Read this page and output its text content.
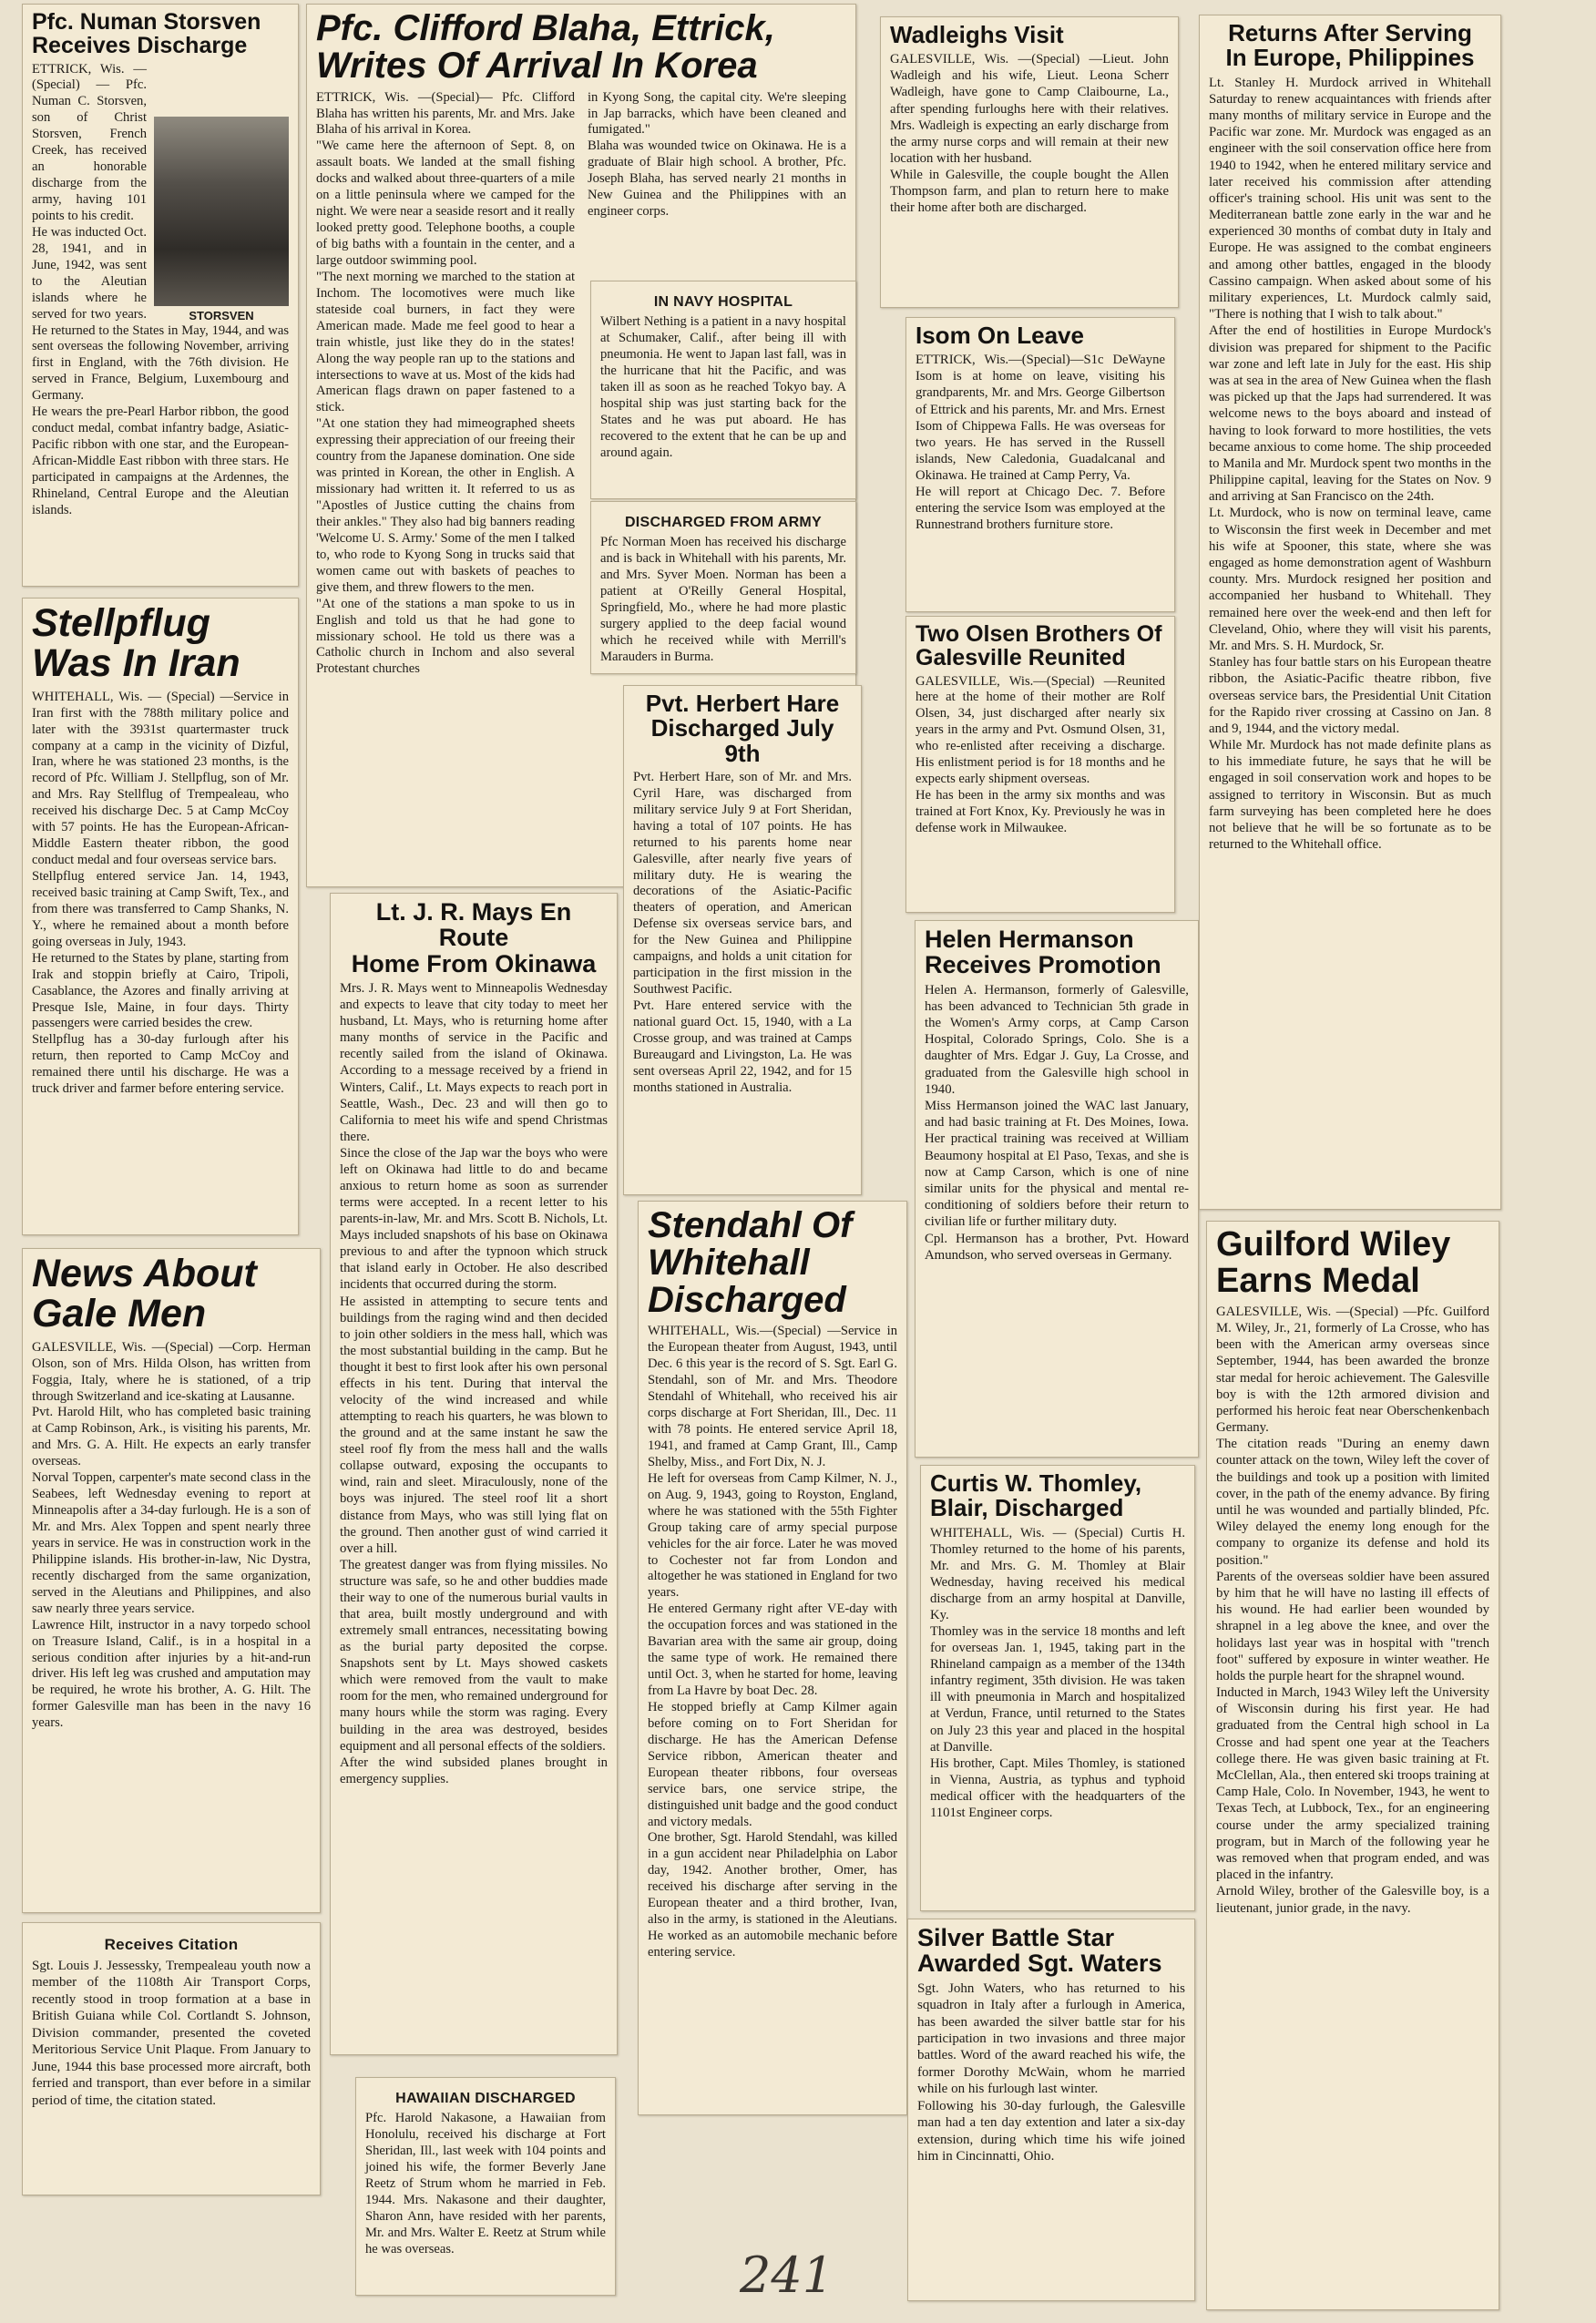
Pfc. Numan Storsven
Receives Discharge
STORSVEN

ETTRICK, Wis. — (Special) — Pfc. Numan C. Storsven, son of Christ Storsven, French Creek, has received an honorable discharge from the army, having 101 points to his credit.
He was inducted Oct. 28, 1941, and in June, 1942, was sent to the Aleutian islands where he served for two years. He returned to the States in May, 1944, and was sent overseas the following November, arriving first in England, with the 76th division. He served in France, Belgium, Luxembourg and Germany.
He wears the pre-Pearl Harbor ribbon, the good conduct medal, combat infantry badge, Asiatic-Pacific ribbon with one star, and the European-African-Middle East ribbon with three stars. He participated in campaigns at the Ardennes, the Rhineland, Central Europe and the Aleutian islands.

Stellpflug
Was In Iran

WHITEHALL, Wis. — (Special) —Service in Iran first with the 788th military police and later with the 3931st quartermaster truck company at a camp in the vicinity of Dizful, Iran, where he was stationed 23 months, is the record of Pfc. William J. Stellpflug, son of Mr. and Mrs. Ray Stellflug of Trempealeau, who received his discharge Dec. 5 at Camp McCoy with 57 points. He has the European-African-Middle Eastern theater ribbon, the good conduct medal and four overseas service bars.
Stellpflug entered service Jan. 14, 1943, received basic training at Camp Swift, Tex., and from there was transferred to Camp Shanks, N. Y., where he remained about a month before going overseas in July, 1943.
He returned to the States by plane, starting from Irak and stoppin briefly at Cairo, Tripoli, Casablance, the Azores and finally arriving at Presque Isle, Maine, in four days. Thirty passengers were carried besides the crew.
Stellpflug has a 30-day furlough after his return, then reported to Camp McCoy and remained there until his discharge. He was a truck driver and farmer before entering service.

News About
Gale Men

GALESVILLE, Wis. —(Special) —Corp. Herman Olson, son of Mrs. Hilda Olson, has written from Foggia, Italy, where he is stationed, of a trip through Switzerland and ice-skating at Lausanne.
Pvt. Harold Hilt, who has completed basic training at Camp Robinson, Ark., is visiting his parents, Mr. and Mrs. G. A. Hilt. He expects an early transfer overseas.
Norval Toppen, carpenter's mate second class in the Seabees, left Wednesday evening to report at Minneapolis after a 34-day furlough. He is a son of Mr. and Mrs. Alex Toppen and spent nearly three years in service. He was in construction work in the Philippine islands. His brother-in-law, Nic Dystra, recently discharged from the same organization, served in the Aleutians and Philippines, and also saw nearly three years service.
Lawrence Hilt, instructor in a navy torpedo school on Treasure Island, Calif., is in a hospital in a serious condition after injuries by a hit-and-run driver. His left leg was crushed and amputation may be required, he wrote his brother, A. G. Hilt. The former Galesville man has been in the navy 16 years.

Receives Citation

Sgt. Louis J. Jessessky, Trempealeau youth now a member of the 1108th Air Transport Corps, recently stood in troop formation at a base in British Guiana while Col. Cortlandt S. Johnson, Division commander, presented the coveted Meritorious Service Unit Plaque. From January to June, 1944 this base processed more aircraft, both ferried and transport, than ever before in a similar period of time, the citation stated.

Pfc. Clifford Blaha, Ettrick,
Writes Of Arrival In Korea

ETTRICK, Wis. —(Special)— Pfc. Clifford Blaha has written his parents, Mr. and Mrs. Jake Blaha of his arrival in Korea.
"We came here the afternoon of Sept. 8, on assault boats. We landed at the small fishing docks and walked about three-quarters of a mile on a little peninsula where we camped for the night. We were near a seaside resort and it really looked pretty good. Telephone booths, a couple of big baths with a fountain in the center, and a large outdoor swimming pool.
"The next morning we marched to the station at Inchom. The locomotives were much like stateside coal burners, in fact they were American made. Made me feel good to hear a train whistle, just like they do in the states! Along the way people ran up to the stations and intersections to wave at us. Most of the kids had American flags drawn on paper fastened to a stick.
"At one station they had mimeographed sheets expressing their appreciation of our freeing their country from the Japanese domination. One side was printed in Korean, the other in English. A missionary had written it. It referred to us as "Apostles of Justice cutting the chains from their ankles." They also had big banners reading 'Welcome U. S. Army.' Some of the men I talked to, who rode to Kyong Song in trucks said that women came out with baskets of peaches to give them, and threw flowers to the men.
"At one of the stations a man spoke to us in English and told us that he had gone to missionary school. He told us there was a Catholic church in Inchom and also several Protestant churches

in Kyong Song, the capital city. We're sleeping in Jap barracks, which have been cleaned and fumigated."
Blaha was wounded twice on Okinawa. He is a graduate of Blair high school. A brother, Pfc. Joseph Blaha, has served nearly 21 months in New Guinea and the Philippines with an engineer corps.

IN NAVY HOSPITAL

Wilbert Nething is a patient in a navy hospital at Schumaker, Calif., after being ill with pneumonia. He went to Japan last fall, was in the hurricane that hit the Pacific, and was taken ill as soon as he reached Tokyo bay. A hospital ship was just starting back for the States and he was put aboard. He has recovered to the extent that he can be up and around again.

DISCHARGED FROM ARMY

Pfc Norman Moen has received his discharge and is back in Whitehall with his parents, Mr. and Mrs. Syver Moen. Norman has been a patient at O'Reilly General Hospital, Springfield, Mo., where he had more plastic surgery applied to the deep facial wound which he received while with Merrill's Marauders in Burma.

Lt. J. R. Mays En Route
Home From Okinawa

Mrs. J. R. Mays went to Minneapolis Wednesday and expects to leave that city today to meet her husband, Lt. Mays, who is returning home after many months of service in the Pacific and recently sailed from the island of Okinawa. According to a message received by a friend in Winters, Calif., Lt. Mays expects to reach port in Seattle, Wash., Dec. 23 and will then go to California to meet his wife and spend Christmas there.
Since the close of the Jap war the boys who were left on Okinawa had little to do and became anxious to return home as soon as surrender terms were accepted. In a recent letter to his parents-in-law, Mr. and Mrs. Scott B. Nichols, Lt. Mays included snapshots of his base on Okinawa previous to and after the typnoon which struck that island early in October. He also described incidents that occurred during the storm.
He assisted in attempting to secure tents and buildings from the raging wind and then decided to join other soldiers in the mess hall, which was the most substantial building in the camp. But he thought it best to first look after his own personal effects in his tent. During that interval the velocity of the wind increased and while attempting to reach his quarters, he was blown to the ground and at the same instant he saw the steel roof fly from the mess hall and the walls collapse outward, exposing the occupants to wind, rain and sleet. Miraculously, none of the boys was injured. The steel roof lit a short distance from Mays, who was still lying flat on the ground. Then another gust of wind carried it over a hill.
The greatest danger was from flying missiles. No structure was safe, so he and other buddies made their way to one of the numerous burial vaults in that area, built mostly underground and with extremely small entrances, necessitating bowing as the burial party deposited the corpse. Snapshots sent by Lt. Mays showed caskets which were removed from the vault to make room for the men, who remained underground for many hours while the storm was raging. Every building in the area was destroyed, besides equipment and all personal effects of the soldiers.
After the wind subsided planes brought in emergency supplies.

HAWAIIAN DISCHARGED

Pfc. Harold Nakasone, a Hawaiian from Honolulu, received his discharge at Fort Sheridan, Ill., last week with 104 points and joined his wife, the former Beverly Jane Reetz of Strum whom he married in Feb. 1944. Mrs. Nakasone and their daughter, Sharon Ann, have resided with her parents, Mr. and Mrs. Walter E. Reetz at Strum while he was overseas.

Pvt. Herbert Hare
Discharged July 9th

Pvt. Herbert Hare, son of Mr. and Mrs. Cyril Hare, was discharged from military service July 9 at Fort Sheridan, having a total of 107 points. He has returned to his parents home near Galesville, after nearly five years of military duty. He is wearing the decorations of the Asiatic-Pacific theaters of operation, and American Defense six overseas service bars, and for the New Guinea and Philippine campaigns, and holds a unit citation for participation in the first mission in the Southwest Pacific.
Pvt. Hare entered service with the national guard Oct. 15, 1940, with a La Crosse group, and was trained at Camps Bureaugard and Livingston, La. He was sent overseas April 22, 1942, and for 15 months stationed in Australia.

Stendahl Of
Whitehall
Discharged

WHITEHALL, Wis.—(Special) —Service in the European theater from August, 1943, until Dec. 6 this year is the record of S. Sgt. Earl G. Stendahl, son of Mr. and Mrs. Theodore Stendahl of Whitehall, who received his air corps discharge at Fort Sheridan, Ill., Dec. 11 with 78 points. He entered service April 18, 1941, and framed at Camp Grant, Ill., Camp Shelby, Miss., and Fort Dix, N. J.
He left for overseas from Camp Kilmer, N. J., on Aug. 9, 1943, going to Royston, England, where he was stationed with the 55th Fighter Group taking care of army special purpose vehicles for the air force. Later he was moved to Cochester not far from London and altogether he was stationed in England for two years.
He entered Germany right after VE-day with the occupation forces and was stationed in the Bavarian area with the same air group, doing the same type of work. He remained there until Oct. 3, when he started for home, leaving from La Havre by boat Dec. 28.
He stopped briefly at Camp Kilmer again before coming on to Fort Sheridan for discharge. He has the American Defense Service ribbon, American theater and European theater ribbons, four overseas service bars, one service stripe, the distinguished unit badge and the good conduct and victory medals.
One brother, Sgt. Harold Stendahl, was killed in a gun accident near Philadelphia on Labor day, 1942. Another brother, Omer, has received his discharge after serving in the European theater and a third brother, Ivan, also in the army, is stationed in the Aleutians. He worked as an automobile mechanic before entering service.

Wadleighs Visit

GALESVILLE, Wis. —(Special) —Lieut. John Wadleigh and his wife, Lieut. Leona Scherr Wadleigh, have gone to Camp Claibourne, La., after spending furloughs here with their relatives. Mrs. Wadleigh is expecting an early discharge from the army nurse corps and will remain at their new location with her husband.
While in Galesville, the couple bought the Allen Thompson farm, and plan to return here to make their home after both are discharged.

Isom On Leave

ETTRICK, Wis.—(Special)—S1c DeWayne Isom is at home on leave, visiting his grandparents, Mr. and Mrs. George Gilbertson of Ettrick and his parents, Mr. and Mrs. Ernest Isom of Chippewa Falls. He was overseas for two years. He has served in the Russell islands, New Caledonia, Guadalcanal and Okinawa. He trained at Camp Perry, Va.
He will report at Chicago Dec. 7. Before entering the service Isom was employed at the Runnestrand brothers furniture store.

Two Olsen Brothers Of
Galesville Reunited

GALESVILLE, Wis.—(Special) —Reunited here at the home of their mother are Rolf Olsen, 34, just discharged after nearly six years in the army and Pvt. Osmund Olsen, 31, who re-enlisted after receiving a discharge. His enlistment period is for 18 months and he expects early shipment overseas.
He has been in the army six months and was trained at Fort Knox, Ky. Previously he was in defense work in Milwaukee.

Helen Hermanson
Receives Promotion

Helen A. Hermanson, formerly of Galesville, has been advanced to Technician 5th grade in the Women's Army corps, at Camp Carson Hospital, Colorado Springs, Colo. She is a daughter of Mrs. Edgar J. Guy, La Crosse, and graduated from the Galesville high school in 1940.
Miss Hermanson joined the WAC last January, and had basic training at Ft. Des Moines, Iowa. Her practical training was received at William Beaumony hospital at El Paso, Texas, and she is now at Camp Carson, which is one of nine similar units for the physical and mental re-conditioning of soldiers before their return to civilian life or further military duty.
Cpl. Hermanson has a brother, Pvt. Howard Amundson, who served overseas in Germany.

Curtis W. Thomley,
Blair, Discharged

WHITEHALL, Wis. — (Special) Curtis H. Thomley returned to the home of his parents, Mr. and Mrs. G. M. Thomley at Blair Wednesday, having received his medical discharge from an army hospital at Danville, Ky.
Thomley was in the service 18 months and left for overseas Jan. 1, 1945, taking part in the Rhineland campaign as a member of the 134th infantry regiment, 35th division. He was taken ill with pneumonia in March and hospitalized at Verdun, France, until returned to the States on July 23 this year and placed in the hospital at Danville.
His brother, Capt. Miles Thomley, is stationed in Vienna, Austria, as typhus and typhoid medical officer with the headquarters of the 1101st Engineer corps.

Silver Battle Star
Awarded Sgt. Waters

Sgt. John Waters, who has returned to his squadron in Italy after a furlough in America, has been awarded the silver battle star for his participation in two invasions and three major battles. Word of the award reached his wife, the former Dorothy McWain, whom he married while on his furlough last winter.
Following his 30-day furlough, the Galesville man had a ten day extention and later a six-day extension, during which time his wife joined him in Cincinnatti, Ohio.

Returns After Serving
In Europe, Philippines

Lt. Stanley H. Murdock arrived in Whitehall Saturday to renew acquaintances with friends after many months of military service in Europe and the Pacific war zone. Mr. Murdock was engaged as an engineer with the soil conservation office here from 1940 to 1942, when he entered military service and later received his commission after attending officer's training school. His unit was sent to the Mediterranean battle zone early in the war and he experienced 30 months of combat duty in Italy and Europe. He was assigned to the combat engineers and among other battles, engaged in the bloody Cassino campaign. When asked about some of his military experiences, Lt. Murdock calmly said, "There is nothing that I wish to talk about."
After the end of hostilities in Europe Murdock's division was prepared for shipment to the Pacific war zone and left late in July for the east. His ship was at sea in the area of New Guinea when the flash was picked up that the Japs had surrendered. It was welcome news to the boys aboard and instead of having to look forward to more hostilities, the vets became anxious to come home. The ship proceeded to Manila and Mr. Murdock spent two months in the Philippine capital, leaving for the States on Nov. 9 and arriving at San Francisco on the 24th.
Lt. Murdock, who is now on terminal leave, came to Wisconsin the first week in December and met his wife at Spooner, this state, where she was engaged as home demonstration agent of Washburn county. Mrs. Murdock resigned her position and accompanied her husband to Whitehall. They remained here over the week-end and then left for Cleveland, Ohio, where they will visit his parents, Mr. and Mrs. S. H. Murdock, Sr.
Stanley has four battle stars on his European theatre ribbon, the Asiatic-Pacific theatre ribbon, five overseas service bars, the Presidential Unit Citation for the Rapido river crossing at Cassino on Jan. 8 and 9, 1944, and the victory medal.
While Mr. Murdock has not made definite plans as to his immediate future, he says that he will be engaged in soil conservation work and hopes to be assigned to territory in Wisconsin. But as much farm surveying has been completed here he does not believe that he will be so fortunate as to be returned to the Whitehall office.

Guilford Wiley
Earns Medal

GALESVILLE, Wis. —(Special) —Pfc. Guilford M. Wiley, Jr., 21, formerly of La Crosse, who has been with the American army overseas since September, 1944, has been awarded the bronze star medal for heroic achievement. The Galesville boy is with the 12th armored division and performed his heroic feat near Oberschenkenbach Germany.
The citation reads "During an enemy dawn counter attack on the town, Wiley left the cover of the buildings and took up a position with limited cover, in the path of the enemy advance. By firing until he was wounded and partially blinded, Pfc. Wiley delayed the enemy long enough for the company to organize its defense and hold its position."
Parents of the overseas soldier have been assured by him that he will have no lasting ill effects of his wound. He had earlier been wounded by shrapnel in a leg above the knee, and over the holidays last year was in hospital with "trench foot" suffered by exposure in winter weather. He holds the purple heart for the shrapnel wound.
Inducted in March, 1943 Wiley left the University of Wisconsin during his first year. He had graduated from the Central high school in La Crosse and had spent one year at the Teachers college there. He was given basic training at Ft. McClellan, Ala., then entered ski troops training at Camp Hale, Colo. In November, 1943, he went to Texas Tech, at Lubbock, Tex., for an engineering course under the army specialized training program, but in March of the following year he was removed when that program ended, and was placed in the infantry.
Arnold Wiley, brother of the Galesville boy, is a lieutenant, junior grade, in the navy.

241
